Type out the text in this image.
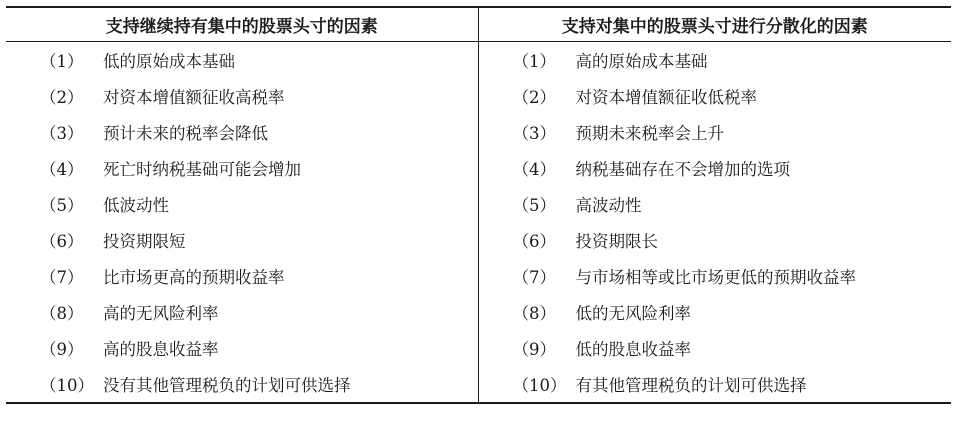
支持继续持有集中的股票头寸的因素	支持对集中的股票头寸进行分散化的因素

（1） 低的原始成本基础	（1） 高的原始成本基础

（2） 对资本增值额征收高税率	（2） 对资本增值额征收低税率

（3） 预计未来的税率会降低	（3） 预期未来税率会上升

（4） 死亡时纳税基础可能会增加	（4） 纳税基础存在不会增加的选项

（5） 低波动性	（5） 高波动性

（6） 投资期限短	（6） 投资期限长

（7） 比市场更高的预期收益率	（7） 与市场相等或比市场更低的预期收益率

（8） 高的无风险利率	（8） 低的无风险利率

（9） 高的股息收益率	（9） 低的股息收益率

（10） 没有其他管理税负的计划可供选择	（10） 有其他管理税负的计划可供选择
